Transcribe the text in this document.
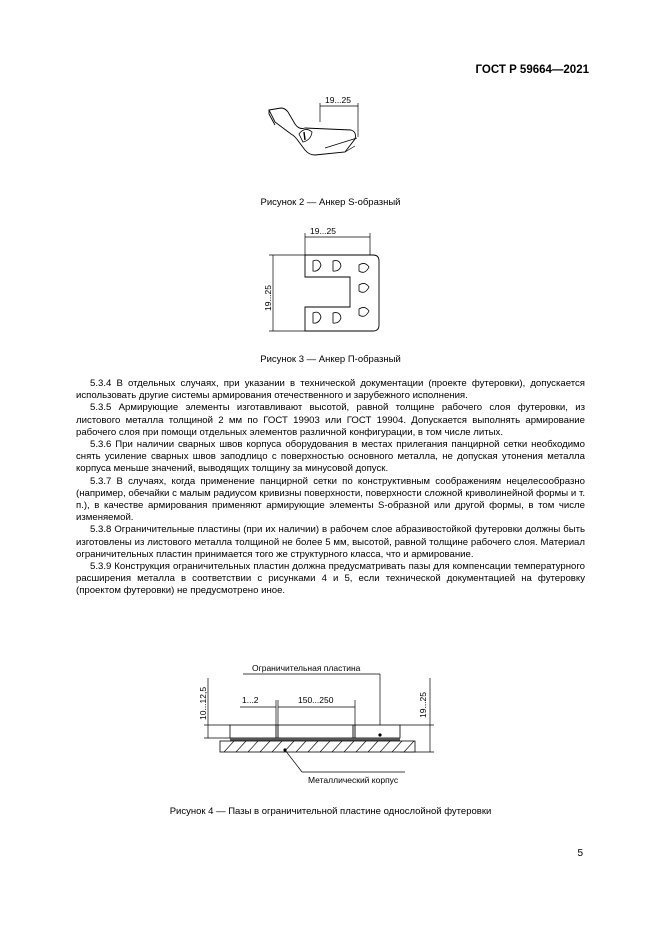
ГОСТ Р 59664—2021
19...25
Рисунок 2 — Анкер S-образный
19...25
19...25
Рисунок 3 — Анкер П-образный

5.3.4 В отдельных случаях, при указании в технической документации (проекте футеровки), допускается использовать другие системы армирования отечественного и зарубежного исполнения.

5.3.5 Армирующие элементы изготавливают высотой, равной толщине рабочего слоя футеровки, из листового металла толщиной 2 мм по ГОСТ 19903 или ГОСТ 19904. Допускается выполнять армирование рабочего слоя при помощи отдельных элементов различной конфигурации, в том числе литых.

5.3.6 При наличии сварных швов корпуса оборудования в местах прилегания панцирной сетки необходимо снять усиление сварных швов заподлицо с поверхностью основного металла, не допуская утонения металла корпуса меньше значений, выводящих толщину за минусовой допуск.

5.3.7 В случаях, когда применение панцирной сетки по конструктивным соображениям нецелесообразно (например, обечайки с малым радиусом кривизны поверхности, поверхности сложной криволинейной формы и т. п.), в качестве армирования применяют армирующие элементы S-образной или другой формы, в том числе изменяемой.

5.3.8 Ограничительные пластины (при их наличии) в рабочем слое абразивостойкой футеровки должны быть изготовлены из листового металла толщиной не более 5 мм, высотой, равной толщине рабочего слоя. Материал ограничительных пластин принимается того же структурного класса, что и армирование.

5.3.9 Конструкция ограничительных пластин должна предусматривать пазы для компенсации температурного расширения металла в соответствии с рисунками 4 и 5, если технической документацией на футеровку (проектом футеровки) не предусмотрено иное.

Ограничительная пластина
10...12,5	19...25
1...2	150...250
Металлический корпус
Рисунок 4 — Пазы в ограничительной пластине однослойной футеровки
5
